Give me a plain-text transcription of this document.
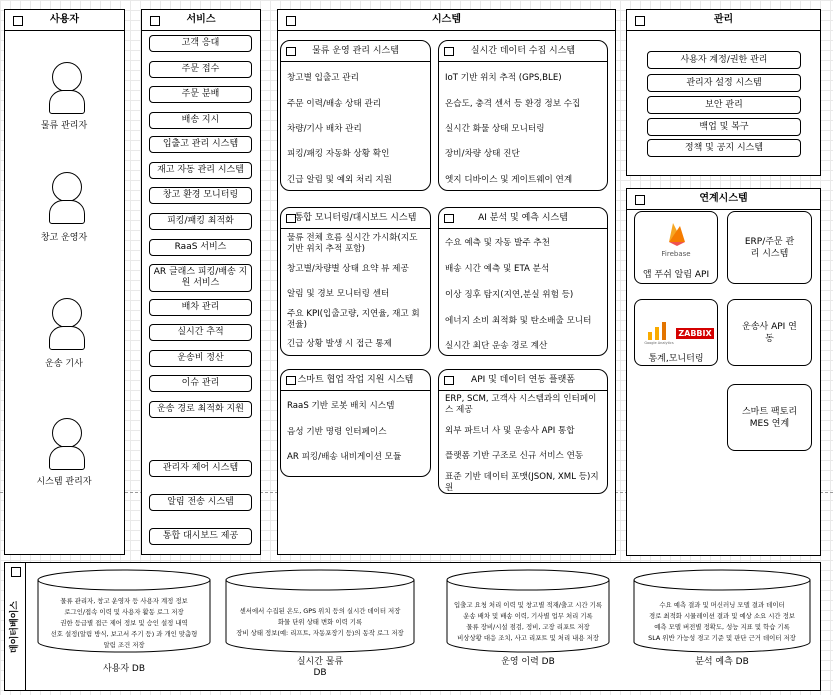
사용자
물류 관리자
창고 운영자
운송 기사
시스템 관리자
서비스
고객 응대
주문 접수
주문 분배
배송 지시
입출고 관리 시스템
재고 자동 관리 시스템
창고 환경 모니터링
피킹/패킹 최적화
RaaS 서비스
AR 글래스 피킹/배송 지원 서비스
배차 관리
실시간 추적
운송비 정산
이슈 관리
운송 경로 최적화 지원
관리자 제어 시스템
알림 전송 시스템
통합 대시보드 제공
시스템
물류 운영 관리 시스템
창고별 입출고 관리
주문 이력/배송 상태 관리
차량/기사 배차 관리
피킹/패킹 자동화 상황 확인
긴급 알림 및 예외 처리 지원
실시간 데이터 수집 시스템
IoT 기반 위치 추적 (GPS,BLE)
온습도, 충격 센서 등 환경 정보 수집
실시간 화물 상태 모니터링
장비/차량 상태 진단
엣지 디바이스 및 게이트웨이 연계
통합 모니터링/대시보드 시스템
물류 전체 흐름 실시간 가시화(지도 기반 위치 추적 포함)
창고별/차량별 상태 요약 뷰 제공
알림 및 경보 모니터링 센터
주요 KPI(입출고량, 지연율, 재고 회전율)
긴급 상황 발생 시 접근 통제
AI 분석 및 예측 시스템
수요 예측 및 자동 발주 추천
배송 시간 예측 및 ETA 분석
이상 징후 탐지(지연,분실 위험 등)
에너지 소비 최적화 및 탄소배출 모니터
실시간 최단 운송 경로 계산
스마트 협업 작업 지원 시스템
RaaS 기반 로봇 배치 시스템
음성 기반 명령 인터페이스
AR 피킹/배송 내비게이션 모듈
API 및 데이터 연동 플랫폼
ERP, SCM, 고객사 시스템과의 인터페이스 제공
외부 파트너 사 및 운송사 API 통합
플랫폼 기반 구조로 신규 서비스 연동
표준 기반 데이터 포맷(JSON, XML 등)지원
관리
사용자 계정/권한 관리
관리자 설정 시스템
보안 관리
백업 및 복구
정책 및 공지 시스템
연계시스템
Firebase
앱 푸쉬 알림 API
ERP/주문 관리 시스템
Google Analytics
ZABBIX
통계,모니터링
운송사 API 연동
스마트 팩토리 MES 연계
데이터베이스	물류 관리자, 창고 운영자 등 사용자 계정 정보
로그인/접속 이력 및 사용자 활동 로그 저장
권한 등급별 접근 제어 정보 및 승인 설정 내역
선호 설정(알림 방식, 보고서 주기 등) 과 개인 맞춤형
알림 조건 저장
사용자 DB
센서에서 수집된 온도, GPS 위치 등의 실시간 데이터 저장
화물 단위 상태 변화 이력 기록
장비 상태 정보(예: 리프트, 자동포장기 등)의 동작 로그 저장
실시간 물류 DB
입출고 요청 처리 이력 및 창고별 적재/출고 시간 기록
운송 배차 및 배송 이력, 기사별 업무 처리 기록
물류 장비/시설 점검, 정비, 고장 리포트 저장
비상상황 대응 조치, 사고 리포트 및 처리 내용 저장
운영 이력 DB
수요 예측 결과 및 머신러닝 모델 결과 데이터
경로 최적화 시뮬레이션 결과 및 예상 소요 시간 정보
예측 모델 버전별 정확도, 성능 지표 및 학습 기록
SLA 위반 가능성 경고 기준 및 판단 근거 데이터 저장
분석 예측 DB
